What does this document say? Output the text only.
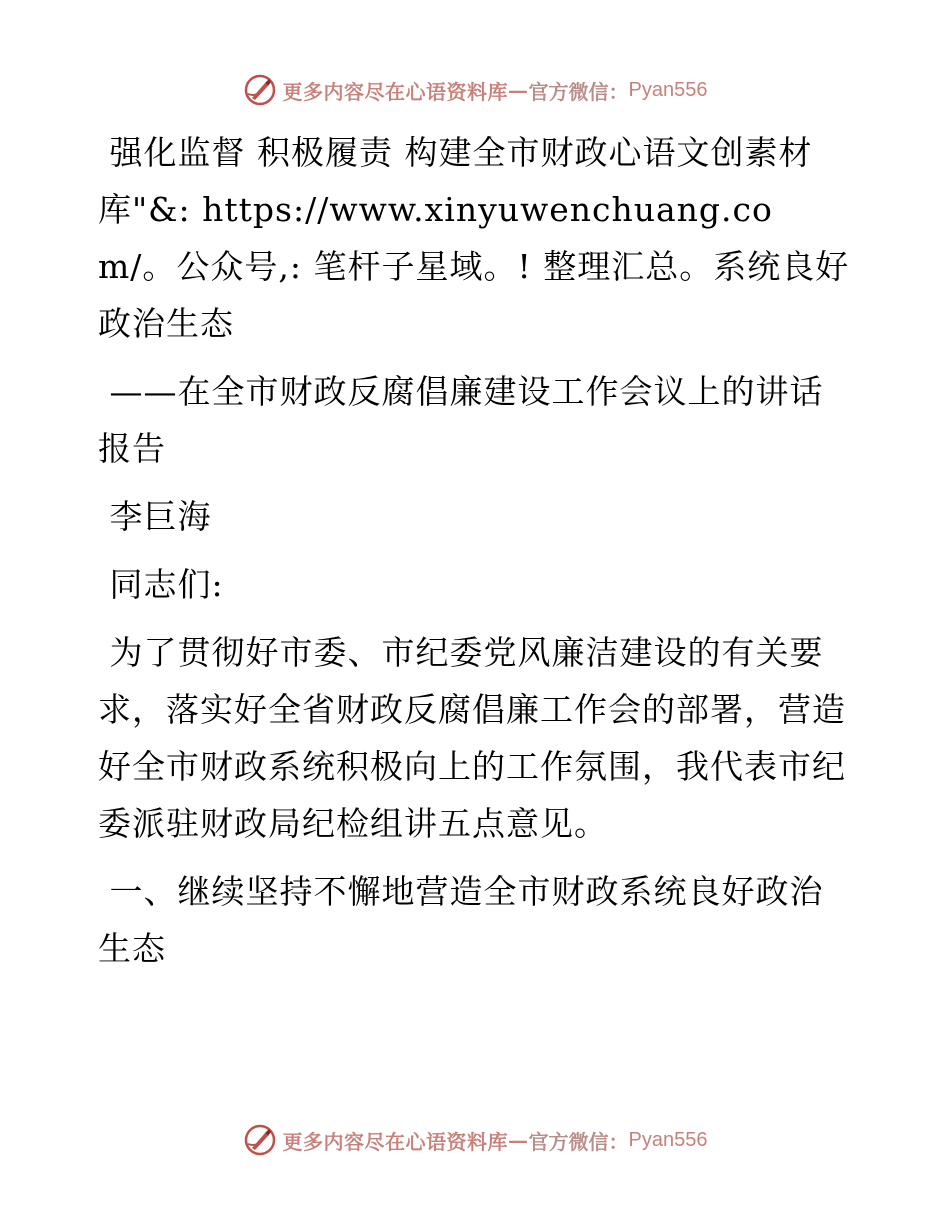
更多内容尽在心语资料库 — 官方微信： Pyan556

强化监督 积极履责 构建全市财政心语文创素材库"&: https://www.xinyuwenchuang.com/。公众号,: 笔杆子星域。! 整理汇总。系统良好政治生态

——在全市财政反腐倡廉建设工作会议上的讲话报告

李巨海

同志们:

为了贯彻好市委、市纪委党风廉洁建设的有关要求，落实好全省财政反腐倡廉工作会的部署，营造好全市财政系统积极向上的工作氛围，我代表市纪委派驻财政局纪检组讲五点意见。

一、继续坚持不懈地营造全市财政系统良好政治生态

更多内容尽在心语资料库 — 官方微信： Pyan556
